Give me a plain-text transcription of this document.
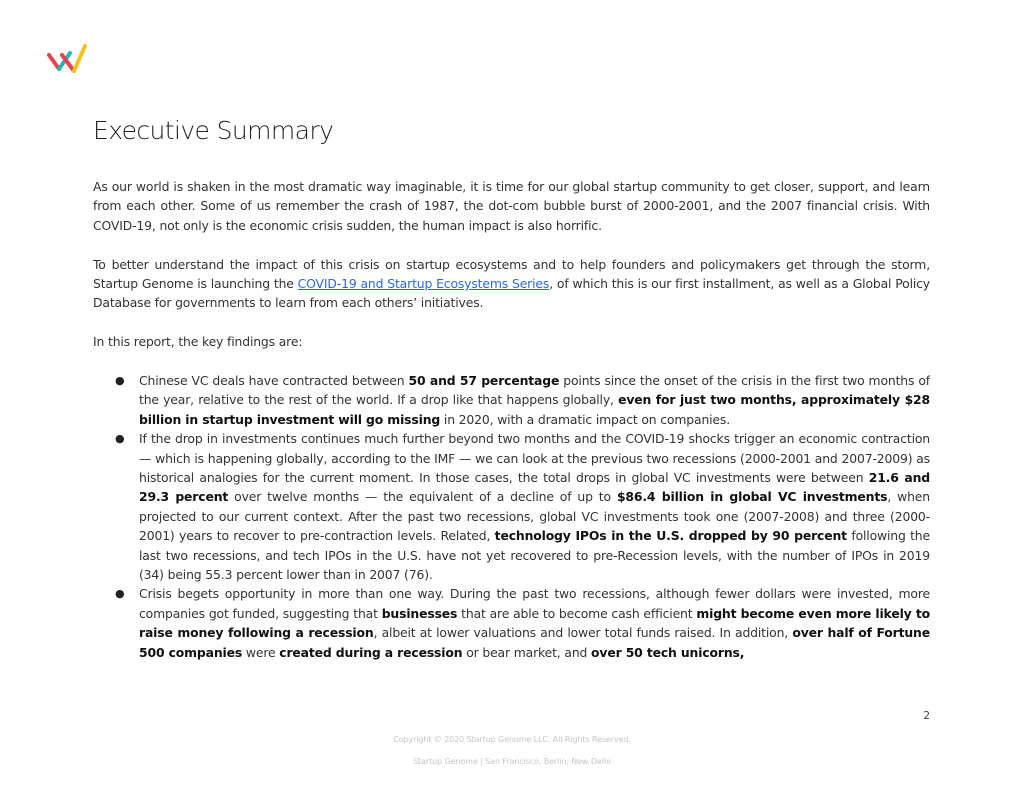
Executive Summary

As our world is shaken in the most dramatic way imaginable, it is time for our global startup community to get closer, support, and learn from each other. Some of us remember the crash of 1987, the dot-com bubble burst of 2000-2001, and the 2007 financial crisis. With COVID-19, not only is the economic crisis sudden, the human impact is also horrific.

To better understand the impact of this crisis on startup ecosystems and to help founders and policymakers get through the storm, Startup Genome is launching the COVID-19 and Startup Ecosystems Series, of which this is our first installment, as well as a Global Policy Database for governments to learn from each others’ initiatives.

In this report, the key findings are:

● Chinese VC deals have contracted between 50 and 57 percentage points since the onset of the crisis in the first two months of the year, relative to the rest of the world. If a drop like that happens globally, even for just two months, approximately $28 billion in startup investment will go missing in 2020, with a dramatic impact on companies.
● If the drop in investments continues much further beyond two months and the COVID-19 shocks trigger an economic contraction — which is happening globally, according to the IMF — we can look at the previous two recessions (2000-2001 and 2007-2009) as historical analogies for the current moment. In those cases, the total drops in global VC investments were between 21.6 and 29.3 percent over twelve months — the equivalent of a decline of up to $86.4 billion in global VC investments, when projected to our current context. After the past two recessions, global VC investments took one (2007-2008) and three (2000-2001) years to recover to pre-contraction levels. Related, technology IPOs in the U.S. dropped by 90 percent following the last two recessions, and tech IPOs in the U.S. have not yet recovered to pre-Recession levels, with the number of IPOs in 2019 (34) being 55.3 percent lower than in 2007 (76).
● Crisis begets opportunity in more than one way. During the past two recessions, although fewer dollars were invested, more companies got funded, suggesting that businesses that are able to become cash efficient might become even more likely to raise money following a recession, albeit at lower valuations and lower total funds raised. In addition, over half of Fortune 500 companies were created during a recession or bear market, and over 50 tech unicorns,
2
Copyright © 2020 Startup Genome LLC. All Rights Reserved.
Startup Genome | San Francisco, Berlin, New Delhi
